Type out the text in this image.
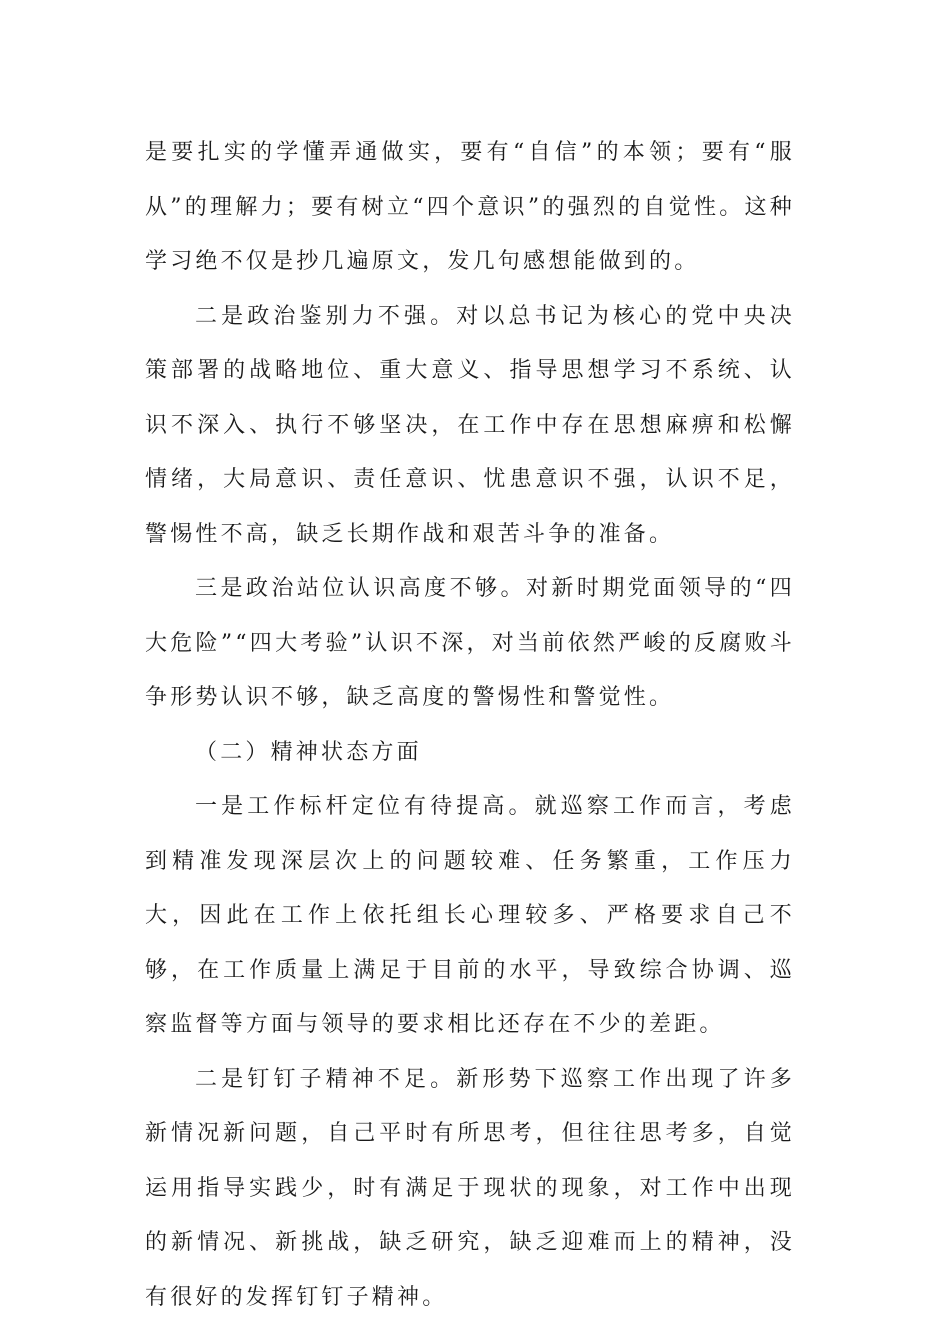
是要扎实的学懂弄通做实，要有“自信”的本领；要有“服从”的理解力；要有树立“四个意识”的强烈的自觉性。这种学习绝不仅是抄几遍原文，发几句感想能做到的。

二是政治鉴别力不强。对以总书记为核心的党中央决策部署的战略地位、重大意义、指导思想学习不系统、认识不深入、执行不够坚决，在工作中存在思想麻痹和松懈情绪，大局意识、责任意识、忧患意识不强，认识不足，警惕性不高，缺乏长期作战和艰苦斗争的准备。

三是政治站位认识高度不够。对新时期党面领导的“四大危险”“四大考验”认识不深，对当前依然严峻的反腐败斗争形势认识不够，缺乏高度的警惕性和警觉性。

（二）精神状态方面

一是工作标杆定位有待提高。就巡察工作而言，考虑到精准发现深层次上的问题较难、任务繁重，工作压力大，因此在工作上依托组长心理较多、严格要求自己不够，在工作质量上满足于目前的水平，导致综合协调、巡察监督等方面与领导的要求相比还存在不少的差距。

二是钉钉子精神不足。新形势下巡察工作出现了许多新情况新问题，自己平时有所思考，但往往思考多，自觉运用指导实践少，时有满足于现状的现象，对工作中出现的新情况、新挑战，缺乏研究，缺乏迎难而上的精神，没有很好的发挥钉钉子精神。
